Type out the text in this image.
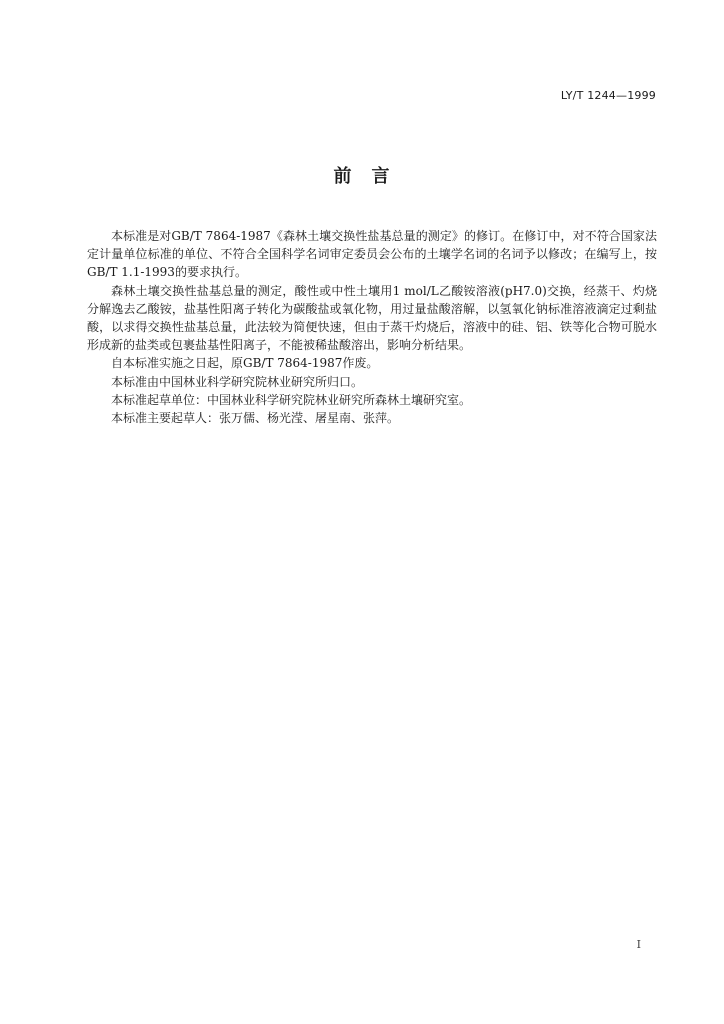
LY/T 1244—1999
前　言

本标准是对GB/T 7864-1987《森林土壤交换性盐基总量的测定》的修订。在修订中，对不符合国家法定计量单位标准的单位、不符合全国科学名词审定委员会公布的土壤学名词的名词予以修改；在编写上，按GB/T 1.1-1993的要求执行。

森林土壤交换性盐基总量的测定，酸性或中性土壤用1 mol/L乙酸铵溶液(pH7.0)交换，经蒸干、灼烧分解逸去乙酸铵，盐基性阳离子转化为碳酸盐或氧化物，用过量盐酸溶解，以氢氧化钠标准溶液滴定过剩盐酸，以求得交换性盐基总量，此法较为简便快速，但由于蒸干灼烧后，溶液中的硅、铝、铁等化合物可脱水形成新的盐类或包裹盐基性阳离子，不能被稀盐酸溶出，影响分析结果。

自本标准实施之日起，原GB/T 7864-1987作废。

本标准由中国林业科学研究院林业研究所归口。

本标准起草单位：中国林业科学研究院林业研究所森林土壤研究室。

本标准主要起草人：张万儒、杨光滢、屠星南、张萍。

I
